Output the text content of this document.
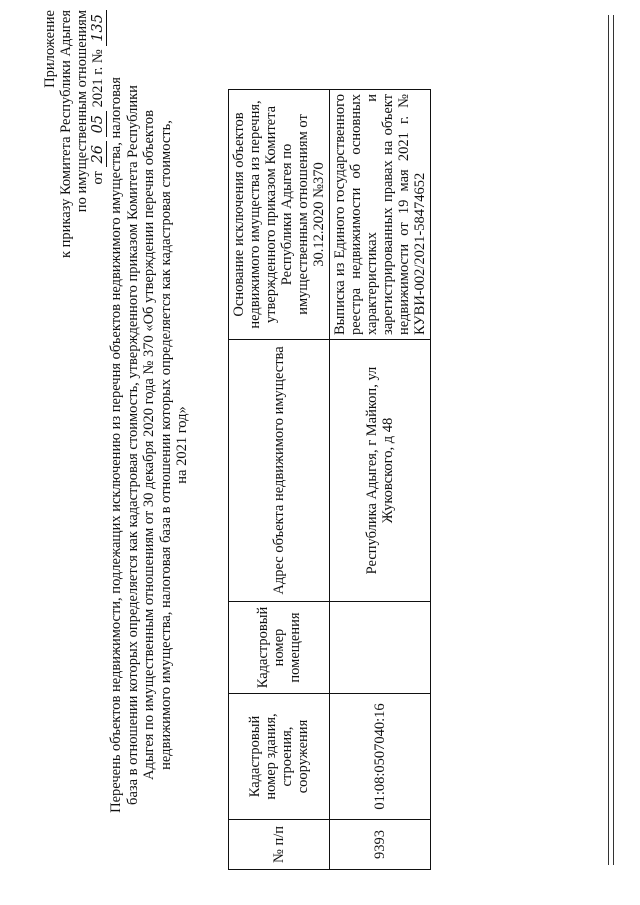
Приложение к приказу Комитета Республики Адыгея по имущественным отношениям от 26 05 2021 г. № 135

Перечень объектов недвижимости, подлежащих исключению из перечня объектов недвижимого имущества, налоговая база в отношении которых определяется как кадастровая стоимость, утвержденного приказом Комитета Республики Адыгея по имущественным отношениям от 30 декабря 2020 года № 370 «Об утверждении перечня объектов недвижимого имущества, налоговая база в отношении которых определяется как кадастровая стоимость, на 2021 год»

№ п/п	Кадастровый номер здания, строения, сооружения	Кадастровый номер помещения	Адрес объекта недвижимого имущества	Основание исключения объектов недвижимого имущества из перечня, утвержденного приказом Комитета Республики Адыгея по имущественным отношениям от 30.12.2020 №370
9393	01:08:0507040:16		Республика Адыгея, г Майкоп, ул Жуковского, д 48	Выписка из Единого государственного реестра недвижимости об основных характеристиках и зарегистрированных правах на объект недвижимости от 19 мая 2021 г. № КУВИ-002/2021-58474652
